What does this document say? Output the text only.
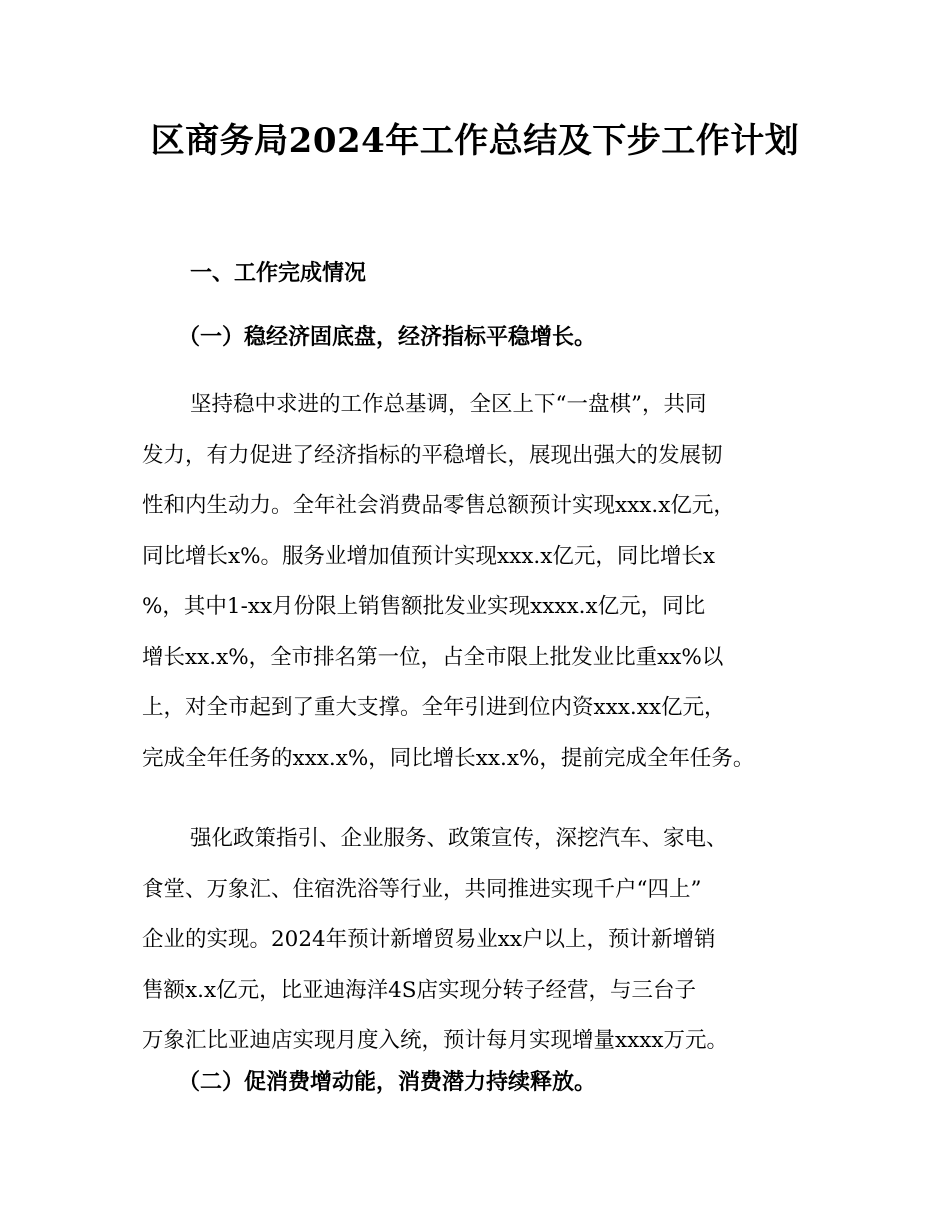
区商务局2024年工作总结及下步工作计划
一、工作完成情况
（一）稳经济固底盘，经济指标平稳增长。
坚持稳中求进的工作总基调，全区上下“一盘棋”，共同
发力，有力促进了经济指标的平稳增长，展现出强大的发展韧
性和内生动力。全年社会消费品零售总额预计实现xxx.x亿元，
同比增长x%。服务业增加值预计实现xxx.x亿元，同比增长x
%，其中1-xx月份限上销售额批发业实现xxxx.x亿元，同比
增长xx.x%，全市排名第一位，占全市限上批发业比重xx%以
上，对全市起到了重大支撑。全年引进到位内资xxx.xx亿元，
完成全年任务的xxx.x%，同比增长xx.x%，提前完成全年任务。
强化政策指引、企业服务、政策宣传，深挖汽车、家电、
食堂、万象汇、住宿洗浴等行业，共同推进实现千户“四上”
企业的实现。2024年预计新增贸易业xx户以上，预计新增销
售额x.x亿元，比亚迪海洋4S店实现分转子经营，与三台子
万象汇比亚迪店实现月度入统，预计每月实现增量xxxx万元。
（二）促消费增动能，消费潜力持续释放。
